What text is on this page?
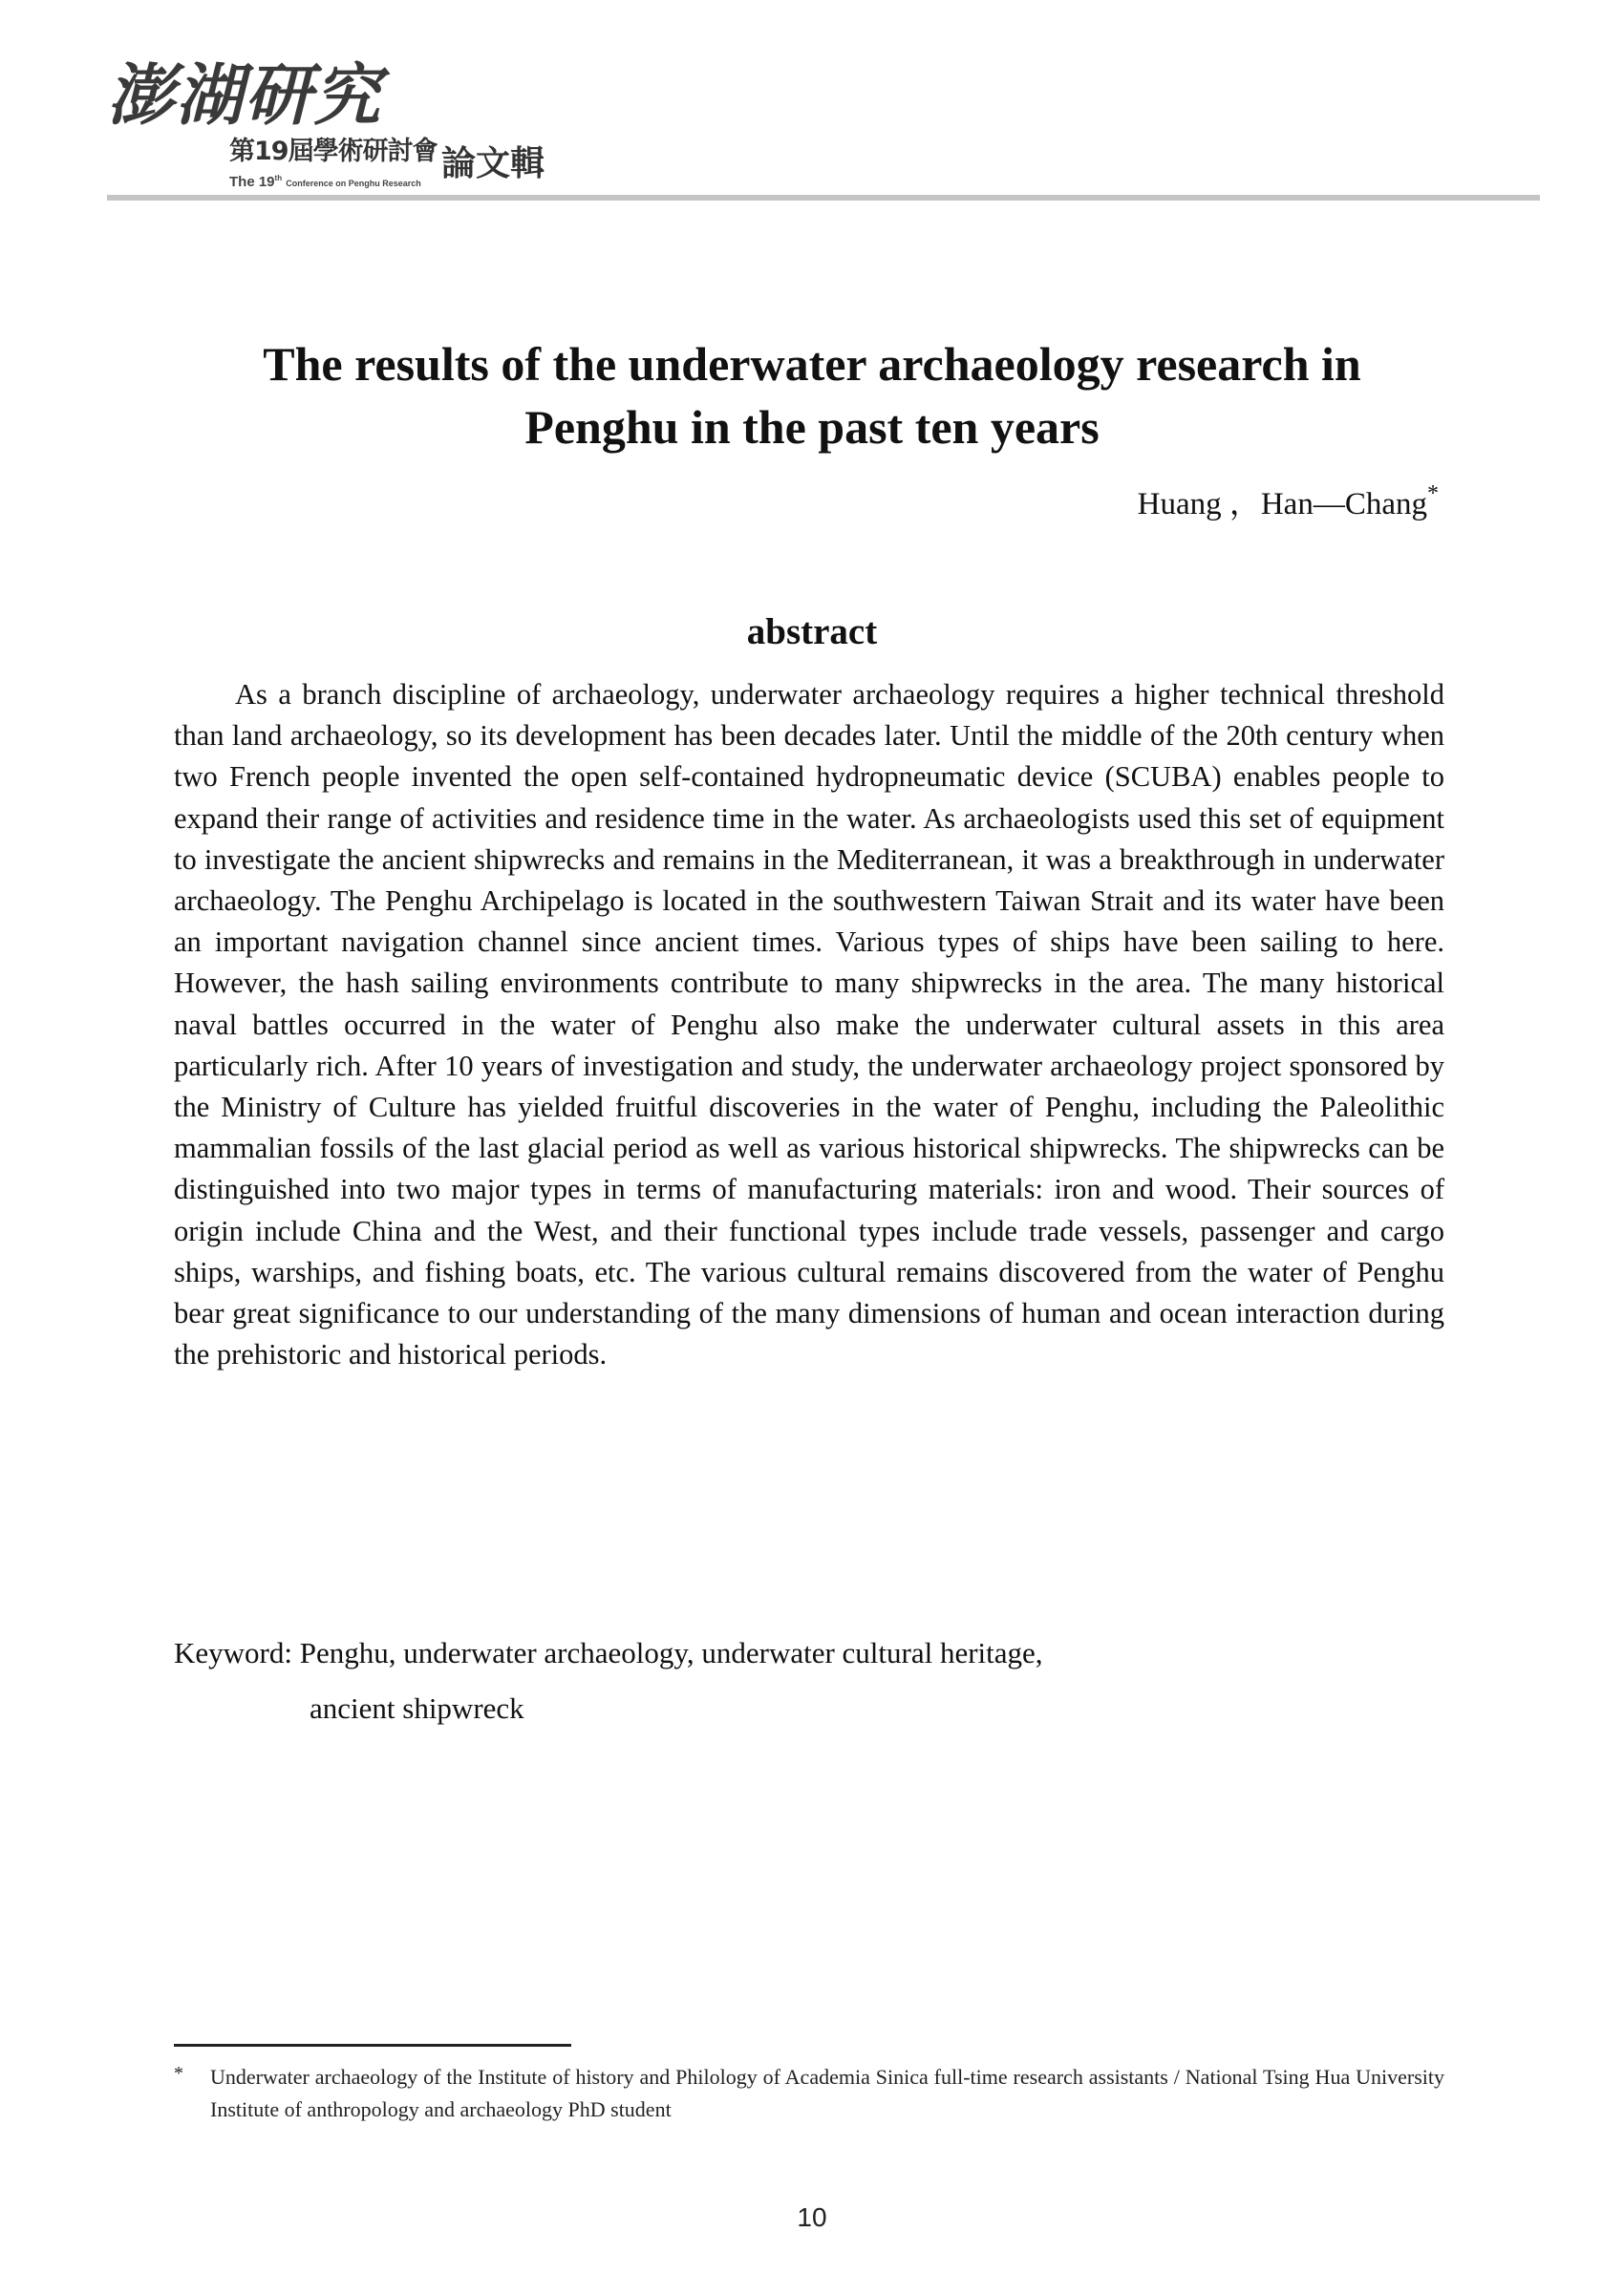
澎湖研究
第19屆學術研討會
The 19th Conference on Penghu Research 論文輯
The results of the underwater archaeology research in
Penghu in the past ten years
Huang ，Han—Chang*
abstract

As a branch discipline of archaeology, underwater archaeology requires a higher technical threshold than land archaeology, so its development has been decades later. Until the middle of the 20th century when two French people invented the open self-contained hydropneumatic device (SCUBA) enables people to expand their range of activities and residence time in the water. As archaeologists used this set of equipment to investigate the ancient shipwrecks and remains in the Mediterranean, it was a breakthrough in underwater archaeology. The Penghu Archipelago is located in the southwestern Taiwan Strait and its water have been an important navigation channel since ancient times. Various types of ships have been sailing to here. However, the hash sailing environments contribute to many shipwrecks in the area. The many historical naval battles occurred in the water of Penghu also make the underwater cultural assets in this area particularly rich. After 10 years of investigation and study, the underwater archaeology project sponsored by the Ministry of Culture has yielded fruitful discoveries in the water of Penghu, including the Paleolithic mammalian fossils of the last glacial period as well as various historical shipwrecks. The shipwrecks can be distinguished into two major types in terms of manufacturing materials: iron and wood. Their sources of origin include China and the West, and their functional types include trade vessels, passenger and cargo ships, warships, and fishing boats, etc. The various cultural remains discovered from the water of Penghu bear great significance to our understanding of the many dimensions of human and ocean interaction during the prehistoric and historical periods.

Keyword: Penghu, underwater archaeology, underwater cultural heritage,
ancient shipwreck
* Underwater archaeology of the Institute of history and Philology of Academia Sinica full-time research assistants / National Tsing Hua University Institute of anthropology and archaeology PhD student
10
